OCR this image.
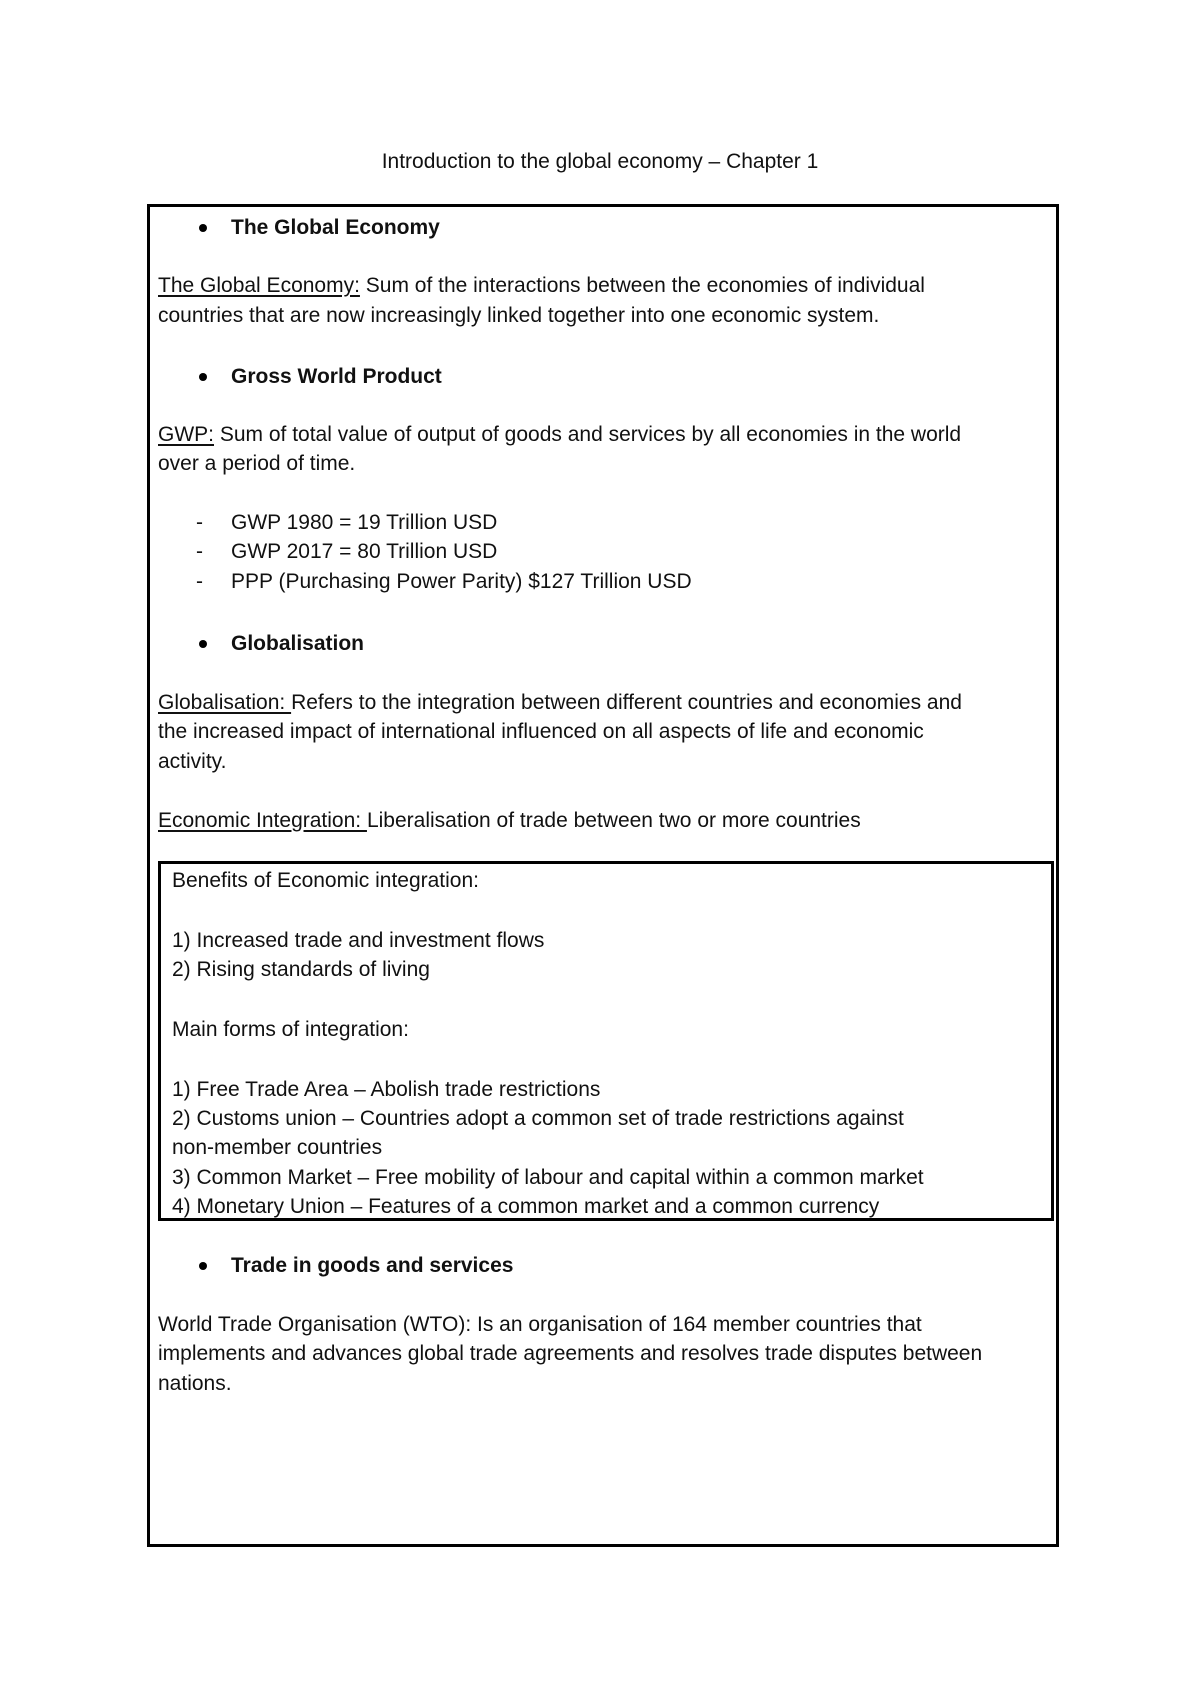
Introduction to the global economy – Chapter 1
The Global Economy
The Global Economy: Sum of the interactions between the economies of individual
countries that are now increasingly linked together into one economic system.
Gross World Product
GWP: Sum of total value of output of goods and services by all economies in the world
over a period of time.
- GWP 1980 = 19 Trillion USD
- GWP 2017 = 80 Trillion USD
- PPP (Purchasing Power Parity) $127 Trillion USD
Globalisation
Globalisation: Refers to the integration between different countries and economies and
the increased impact of international influenced on all aspects of life and economic
activity.
Economic Integration: Liberalisation of trade between two or more countries
Benefits of Economic integration:
1) Increased trade and investment flows
2) Rising standards of living
Main forms of integration:
1) Free Trade Area – Abolish trade restrictions
2) Customs union – Countries adopt a common set of trade restrictions against
non-member countries
3) Common Market – Free mobility of labour and capital within a common market
4) Monetary Union – Features of a common market and a common currency
Trade in goods and services
World Trade Organisation (WTO): Is an organisation of 164 member countries that
implements and advances global trade agreements and resolves trade disputes between
nations.
